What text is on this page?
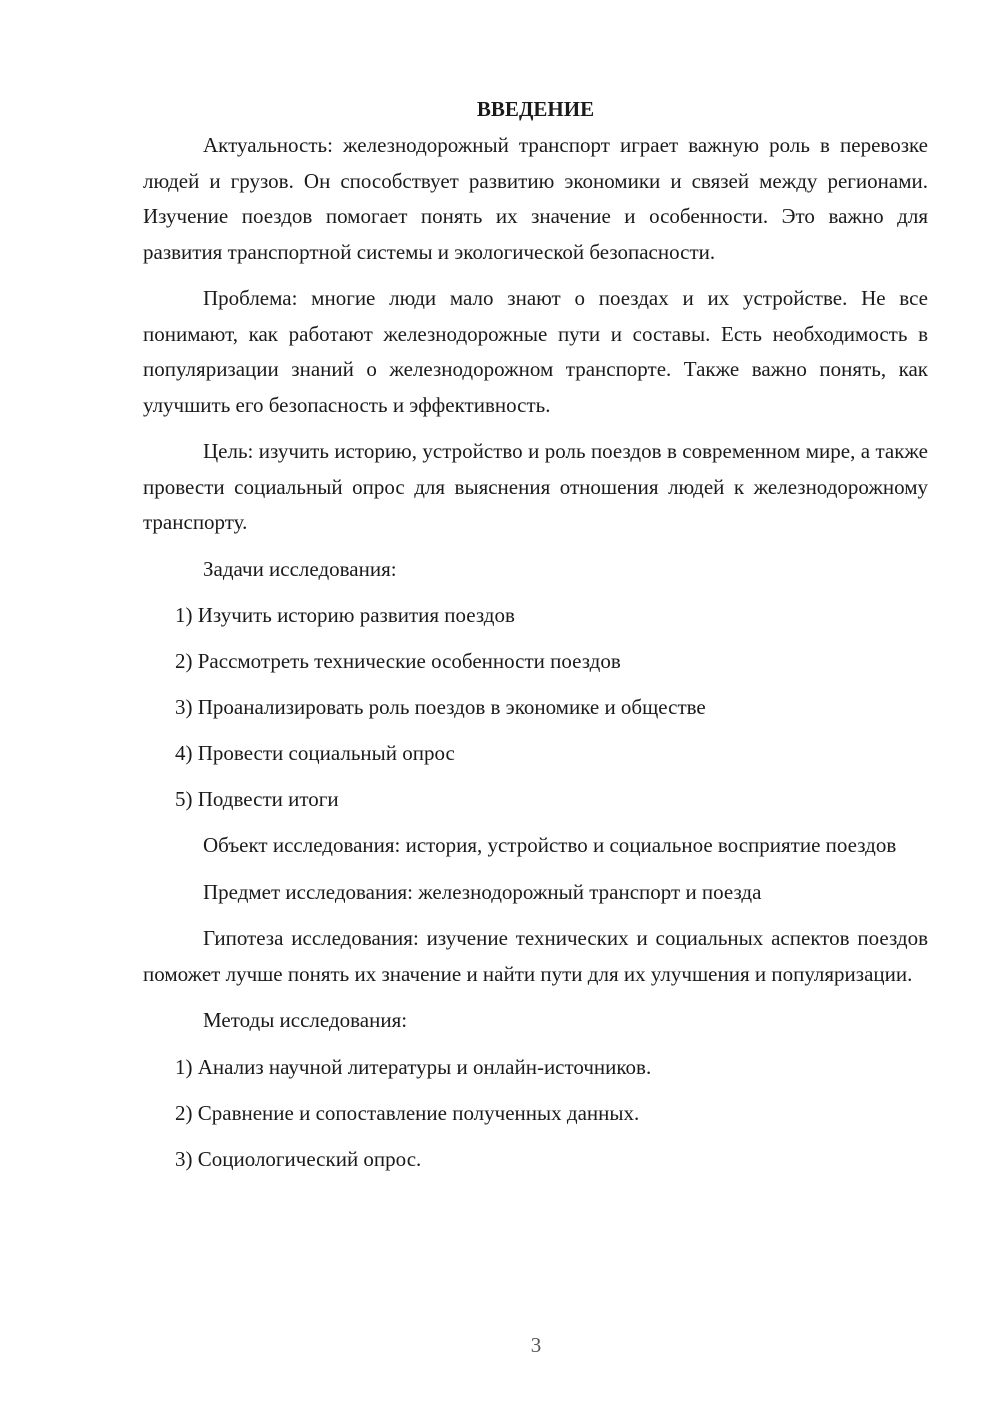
ВВЕДЕНИЕ

Актуальность: железнодорожный транспорт играет важную роль в перевозке людей и грузов. Он способствует развитию экономики и связей между регионами. Изучение поездов помогает понять их значение и особенности. Это важно для развития транспортной системы и экологической безопасности.

Проблема: многие люди мало знают о поездах и их устройстве. Не все понимают, как работают железнодорожные пути и составы. Есть необходимость в популяризации знаний о железнодорожном транспорте. Также важно понять, как улучшить его безопасность и эффективность.

Цель: изучить историю, устройство и роль поездов в современном мире, а также провести социальный опрос для выяснения отношения людей к железнодорожному транспорту.

Задачи исследования:

1) Изучить историю развития поездов
2) Рассмотреть технические особенности поездов
3) Проанализировать роль поездов в экономике и обществе
4) Провести социальный опрос
5) Подвести итоги

Объект исследования: история, устройство и социальное восприятие поездов

Предмет исследования: железнодорожный транспорт и поезда

Гипотеза исследования: изучение технических и социальных аспектов поездов поможет лучше понять их значение и найти пути для их улучшения и популяризации.

Методы исследования:

1) Анализ научной литературы и онлайн-источников.
2) Сравнение и сопоставление полученных данных.
3) Социологический опрос.
3
